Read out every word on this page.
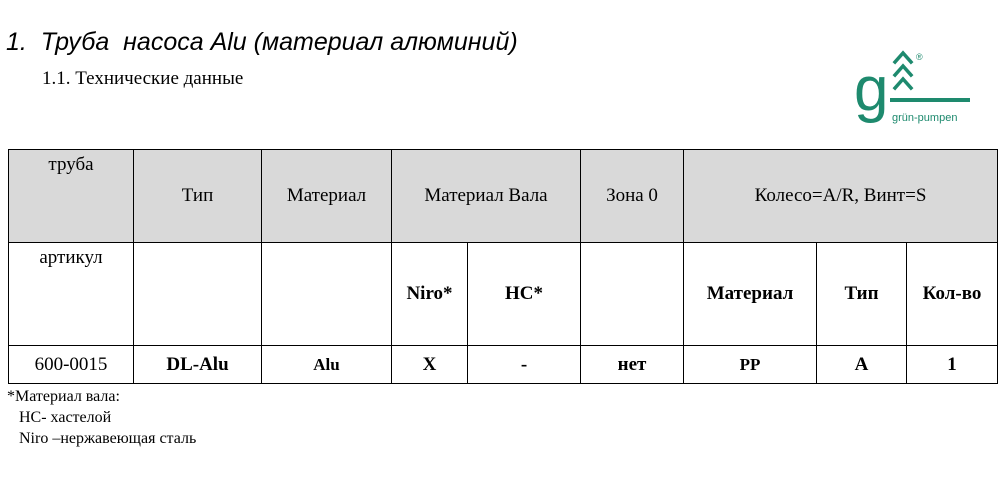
1.  Труба  насоса Alu (материал алюминий)
1.1. Технические данные	g	®
grün-pumpen
труба	Тип	Материал	Материал Вала		Зона 0	Колесо=A/R, Винт=S		
артикул			Niro*	HC*		Материал	Тип	Кол-во
600-0015	DL-Alu	Alu	X	-	нет	PP	A	1
*Материал вала:
HC- хастелой
Niro –нержавеющая сталь
